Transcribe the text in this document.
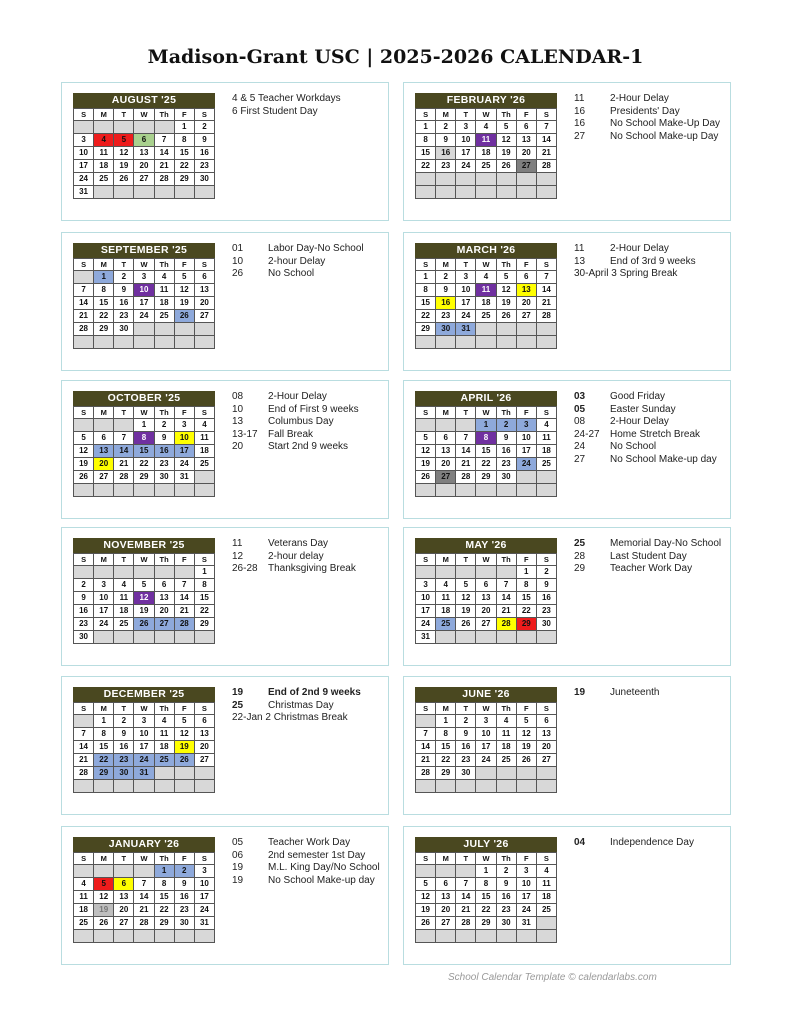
Madison-Grant USC | 2025-2026 CALENDAR-1
AUGUST '25
S	M	T	W	Th	F	S
					1	2
3	4	5	6	7	8	9
10	11	12	13	14	15	16
17	18	19	20	21	22	23
24	25	26	27	28	29	30
31						
4 & 5 Teacher Workdays
6 First Student Day
FEBRUARY '26
S	M	T	W	Th	F	S
1	2	3	4	5	6	7
8	9	10	11	12	13	14
15	16	17	18	19	20	21
22	23	24	25	26	27	28

11	2-Hour Delay
16 Presidents' Day
16 No School Make-Up Day
27 No School Make-up Day
SEPTEMBER '25
S	M	T	W	Th	F	S
	1	2	3	4	5	6
7	8	9	10	11	12	13
14	15	16	17	18	19	20
21	22	23	24	25	26	27
28	29	30				

01 Labor Day-No School
10 2-hour Delay
26 No School
MARCH '26
S	M	T	W	Th	F	S
1	2	3	4	5	6	7
8	9	10	11	12	13	14
15	16	17	18	19	20	21
22	23	24	25	26	27	28
29	30	31				

11	2-Hour Delay
13 End of 3rd 9 weeks
30-April 3 Spring Break
OCTOBER '25
S	M	T	W	Th	F	S
			1	2	3	4
5	6	7	8	9	10	11
12	13	14	15	16	17	18
19	20	21	22	23	24	25
26	27	28	29	30	31	

08 2-Hour Delay
10 End of First 9 weeks
13 Columbus Day
13-17 Fall Break
20 Start 2nd 9 weeks
APRIL '26
S	M	T	W	Th	F	S
			1	2	3	4
5	6	7	8	9	10	11
12	13	14	15	16	17	18
19	20	21	22	23	24	25
26	27	28	29	30		

03 Good Friday
05 Easter Sunday
08 2-Hour Delay
24-27 Home Stretch Break
24 No School
27 No School Make-up day
NOVEMBER '25
S	M	T	W	Th	F	S
						1
2	3	4	5	6	7	8
9	10	11	12	13	14	15
16	17	18	19	20	21	22
23	24	25	26	27	28	29
30						
11	Veterans Day
12 2-hour delay
26-28 Thanksgiving Break
MAY '26
S	M	T	W	Th	F	S
					1	2
3	4	5	6	7	8	9
10	11	12	13	14	15	16
17	18	19	20	21	22	23
24	25	26	27	28	29	30
31						
25 Memorial Day-No School
28 Last Student Day
29 Teacher Work Day
DECEMBER '25
S	M	T	W	Th	F	S
	1	2	3	4	5	6
7	8	9	10	11	12	13
14	15	16	17	18	19	20
21	22	23	24	25	26	27
28	29	30	31			

19 End of 2nd 9 weeks
25 Christmas Day
22-Jan 2 Christmas Break
JUNE '26
S	M	T	W	Th	F	S
	1	2	3	4	5	6
7	8	9	10	11	12	13
14	15	16	17	18	19	20
21	22	23	24	25	26	27
28	29	30				

19 Juneteenth
JANUARY '26
S	M	T	W	Th	F	S
				1	2	3
4	5	6	7	8	9	10
11	12	13	14	15	16	17
18	19	20	21	22	23	24
25	26	27	28	29	30	31

05 Teacher Work Day
06 2nd semester 1st Day
19 M.L. King Day/No School
19 No School Make-up day
JULY '26
S	M	T	W	Th	F	S
			1	2	3	4
5	6	7	8	9	10	11
12	13	14	15	16	17	18
19	20	21	22	23	24	25
26	27	28	29	30	31	

04 Independence Day
School Calendar Template © calendarlabs.com
